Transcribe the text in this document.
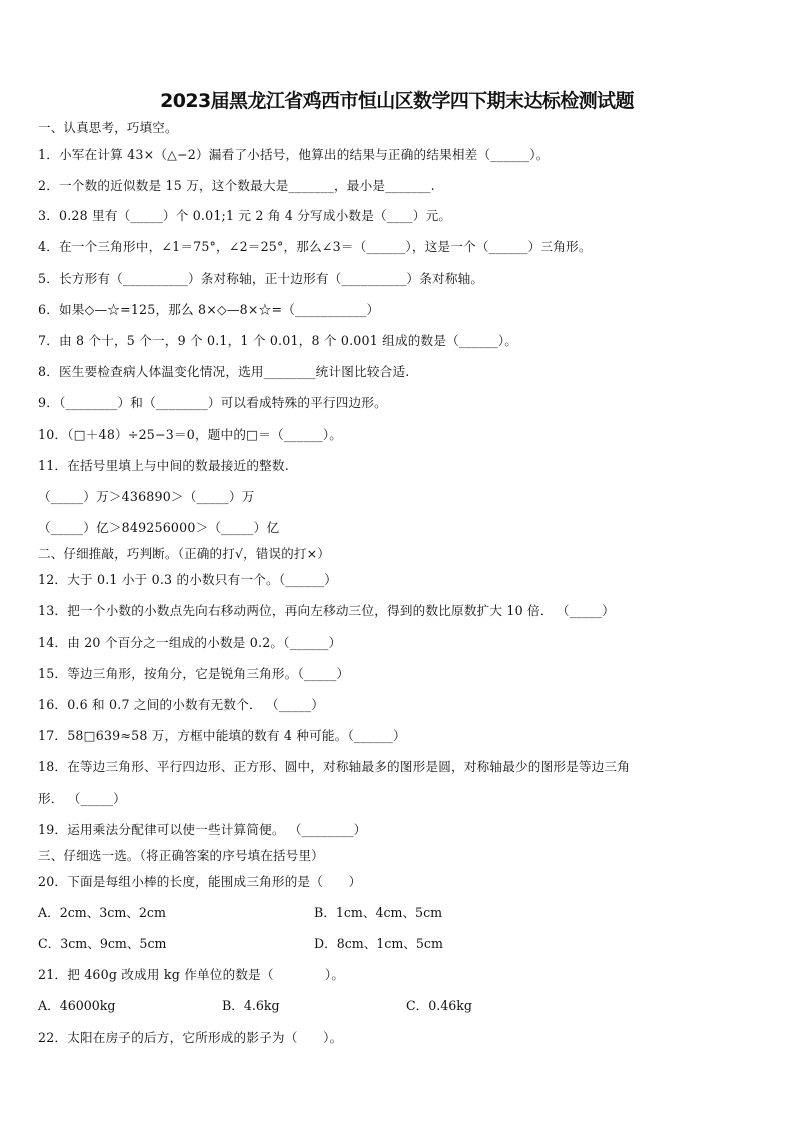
2023届黑龙江省鸡西市恒山区数学四下期末达标检测试题
一、认真思考，巧填空。
1．小军在计算 43×（△−2）漏看了小括号，他算出的结果与正确的结果相差（______）。
2．一个数的近似数是 15 万，这个数最大是_______，最小是_______.
3．0.28 里有（_____）个 0.01;1 元 2 角 4 分写成小数是（____）元。
4．在一个三角形中，∠1＝75°，∠2＝25°，那么∠3＝（______），这是一个（______）三角形。
5．长方形有（__________）条对称轴，正十边形有（__________）条对称轴。
6．如果◇—☆=125，那么 8×◇—8×☆=（___________）
7．由 8 个十，5 个一，9 个 0.1，1 个 0.01，8 个 0.001 组成的数是（______）。
8．医生要检查病人体温变化情况，选用________统计图比较合适.
9．（________）和（________）可以看成特殊的平行四边形。
10．（□＋48）÷25−3＝0，题中的□＝（______）。
11．在括号里填上与中间的数最接近的整数.
（_____）万＞436890＞（_____）万
（_____）亿＞849256000＞（_____）亿
二、仔细推敲，巧判断。（正确的打√，错误的打×）
12．大于 0.1 小于 0.3 的小数只有一个。（______）
13．把一个小数的小数点先向右移动两位，再向左移动三位，得到的数比原数扩大 10 倍． （_____）
14．由 20 个百分之一组成的小数是 0.2。（______）
15．等边三角形，按角分，它是锐角三角形。（_____）
16．0.6 和 0.7 之间的小数有无数个． （_____）
17．58□639≈58 万，方框中能填的数有 4 种可能。（______）
18．在等边三角形、平行四边形、正方形、圆中，对称轴最多的图形是圆，对称轴最少的图形是等边三角
形． （_____）
19．运用乘法分配律可以使一些计算简便。 （________）
三、仔细选一选。（将正确答案的序号填在括号里）
20．下面是每组小棒的长度，能围成三角形的是（　　）
A．2cm、3cm、2cm	B．1cm、4cm、5cm
C．3cm、9cm、5cm	D．8cm、1cm、5cm
21．把 460g 改成用 kg 作单位的数是（　　　　）。
A．46000kg	B．4.6kg	C．0.46kg
22．太阳在房子的后方，它所形成的影子为（　　）。
